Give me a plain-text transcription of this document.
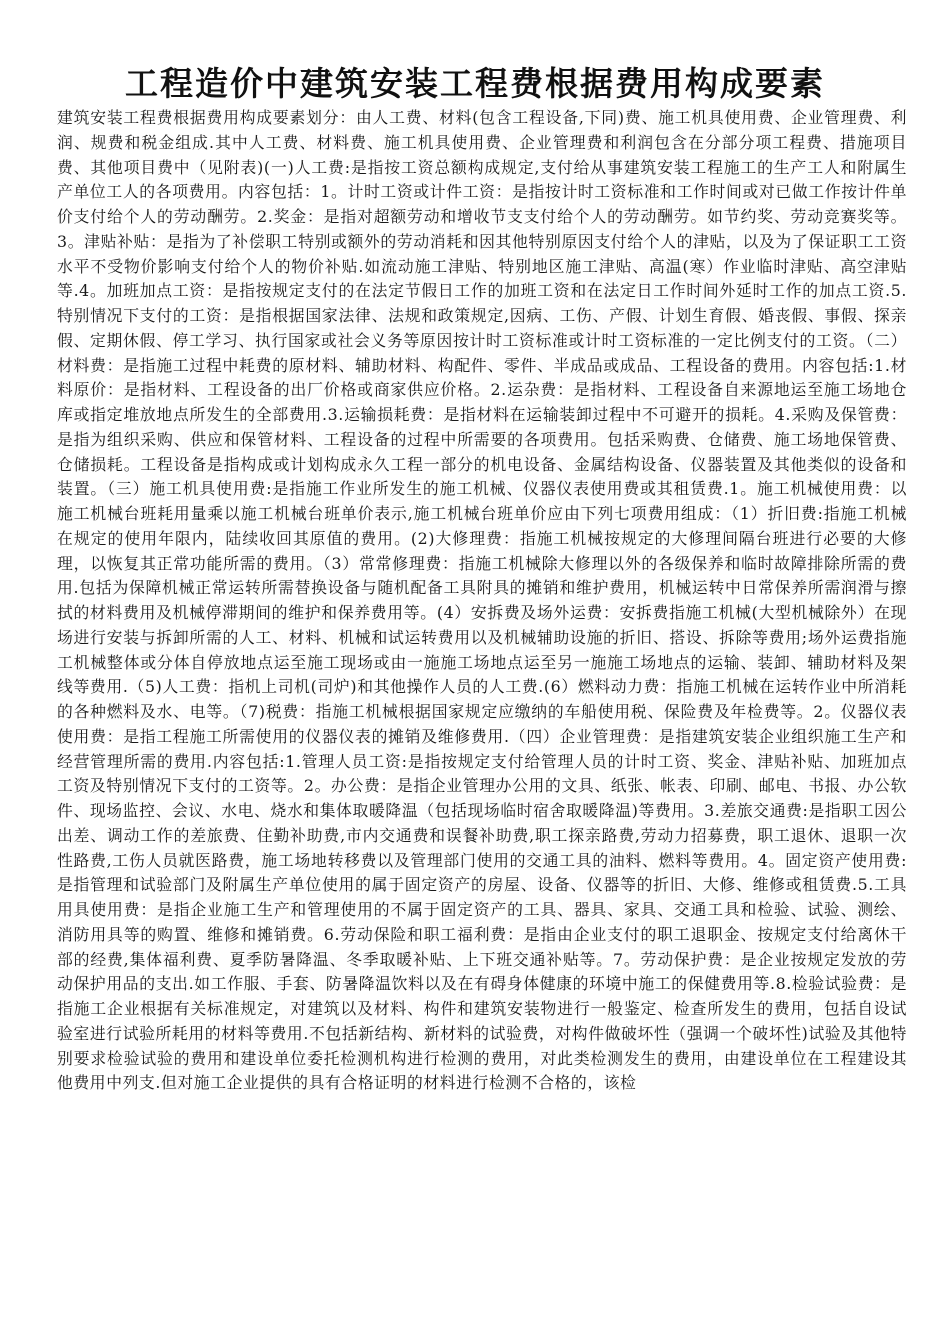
工程造价中建筑安装工程费根据费用构成要素

建筑安装工程费根据费用构成要素划分：由人工费、材料(包含工程设备,下同)费、施工机具使用费、企业管理费、利润、规费和税金组成.其中人工费、材料费、施工机具使用费、企业管理费和利润包含在分部分项工程费、措施项目费、其他项目费中（见附表)(一)人工费:是指按工资总额构成规定,支付给从事建筑安装工程施工的生产工人和附属生产单位工人的各项费用。内容包括：1。计时工资或计件工资：是指按计时工资标准和工作时间或对已做工作按计件单价支付给个人的劳动酬劳。2.奖金：是指对超额劳动和增收节支支付给个人的劳动酬劳。如节约奖、劳动竞赛奖等。3。津贴补贴：是指为了补偿职工特别或额外的劳动消耗和因其他特别原因支付给个人的津贴，以及为了保证职工工资水平不受物价影响支付给个人的物价补贴.如流动施工津贴、特别地区施工津贴、高温(寒）作业临时津贴、高空津贴等.4。加班加点工资：是指按规定支付的在法定节假日工作的加班工资和在法定日工作时间外延时工作的加点工资.5.特别情况下支付的工资：是指根据国家法律、法规和政策规定,因病、工伤、产假、计划生育假、婚丧假、事假、探亲假、定期休假、停工学习、执行国家或社会义务等原因按计时工资标准或计时工资标准的一定比例支付的工资。（二）材料费：是指施工过程中耗费的原材料、辅助材料、构配件、零件、半成品或成品、工程设备的费用。内容包括:1.材料原价：是指材料、工程设备的出厂价格或商家供应价格。2.运杂费：是指材料、工程设备自来源地运至施工场地仓库或指定堆放地点所发生的全部费用.3.运输损耗费：是指材料在运输装卸过程中不可避开的损耗。4.采购及保管费：是指为组织采购、供应和保管材料、工程设备的过程中所需要的各项费用。包括采购费、仓储费、施工场地保管费、仓储损耗。工程设备是指构成或计划构成永久工程一部分的机电设备、金属结构设备、仪器装置及其他类似的设备和装置。（三）施工机具使用费:是指施工作业所发生的施工机械、仪器仪表使用费或其租赁费.1。施工机械使用费：以施工机械台班耗用量乘以施工机械台班单价表示,施工机械台班单价应由下列七项费用组成：（1）折旧费:指施工机械在规定的使用年限内，陆续收回其原值的费用。(2)大修理费：指施工机械按规定的大修理间隔台班进行必要的大修理，以恢复其正常功能所需的费用。（3）常常修理费：指施工机械除大修理以外的各级保养和临时故障排除所需的费用.包括为保障机械正常运转所需替换设备与随机配备工具附具的摊销和维护费用，机械运转中日常保养所需润滑与擦拭的材料费用及机械停滞期间的维护和保养费用等。(4）安拆费及场外运费：安拆费指施工机械(大型机械除外）在现场进行安装与拆卸所需的人工、材料、机械和试运转费用以及机械辅助设施的折旧、搭设、拆除等费用;场外运费指施工机械整体或分体自停放地点运至施工现场或由一施施工场地点运至另一施施工场地点的运输、装卸、辅助材料及架线等费用.（5)人工费：指机上司机(司炉)和其他操作人员的人工费.(6）燃料动力费：指施工机械在运转作业中所消耗的各种燃料及水、电等。（7)税费：指施工机械根据国家规定应缴纳的车船使用税、保险费及年检费等。2。仪器仪表使用费：是指工程施工所需使用的仪器仪表的摊销及维修费用.（四）企业管理费：是指建筑安装企业组织施工生产和经营管理所需的费用.内容包括:1.管理人员工资:是指按规定支付给管理人员的计时工资、奖金、津贴补贴、加班加点工资及特别情况下支付的工资等。2。办公费：是指企业管理办公用的文具、纸张、帐表、印刷、邮电、书报、办公软件、现场监控、会议、水电、烧水和集体取暖降温（包括现场临时宿舍取暖降温)等费用。3.差旅交通费:是指职工因公出差、调动工作的差旅费、住勤补助费,市内交通费和误餐补助费,职工探亲路费,劳动力招募费，职工退休、退职一次性路费,工伤人员就医路费，施工场地转移费以及管理部门使用的交通工具的油料、燃料等费用。4。固定资产使用费:是指管理和试验部门及附属生产单位使用的属于固定资产的房屋、设备、仪器等的折旧、大修、维修或租赁费.5.工具用具使用费：是指企业施工生产和管理使用的不属于固定资产的工具、器具、家具、交通工具和检验、试验、测绘、消防用具等的购置、维修和摊销费。6.劳动保险和职工福利费：是指由企业支付的职工退职金、按规定支付给离休干部的经费,集体福利费、夏季防暑降温、冬季取暖补贴、上下班交通补贴等。7。劳动保护费：是企业按规定发放的劳动保护用品的支出.如工作服、手套、防暑降温饮料以及在有碍身体健康的环境中施工的保健费用等.8.检验试验费：是指施工企业根据有关标准规定，对建筑以及材料、构件和建筑安装物进行一般鉴定、检查所发生的费用，包括自设试验室进行试验所耗用的材料等费用.不包括新结构、新材料的试验费，对构件做破坏性（强调一个破坏性)试验及其他特别要求检验试验的费用和建设单位委托检测机构进行检测的费用，对此类检测发生的费用，由建设单位在工程建设其他费用中列支.但对施工企业提供的具有合格证明的材料进行检测不合格的，该检
